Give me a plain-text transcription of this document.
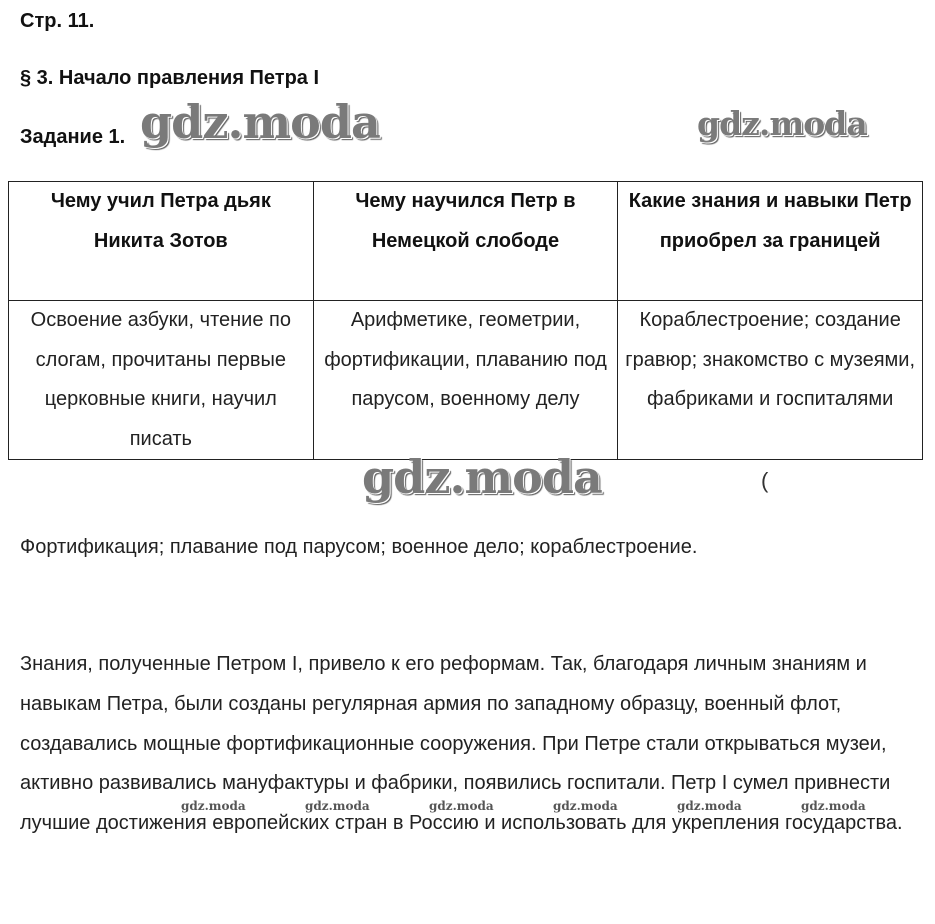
Стр. 11.

§ 3. Начало правления Петра I

Задание 1.

Чему учил Петра дьяк Никита Зотов	Чему научился Петр в Немецкой слободе	Какие знания и навыки Петр приобрел за границей
Освоение азбуки, чтение по слогам, прочитаны первые церковные книги, научил писать	Арифметике, геометрии, фортификации, плаванию под парусом, военному делу	Кораблестроение; создание гравюр; знакомство с музеями, фабриками и госпиталями

Фортификация; плавание под парусом; военное дело; кораблестроение.

Знания, полученные Петром I, привело к его реформам. Так, благодаря личным знаниям и навыкам Петра, были созданы регулярная армия по западному образцу, военный флот, создавались мощные фортификационные сооружения. При Петре стали открываться музеи, активно развивались мануфактуры и фабрики, появились госпитали. Петр I сумел привнести лучшие достижения европейских стран в Россию и использовать для укрепления государства.

gdz.moda	gdz.moda
gdz.moda
gdz.moda	gdz.moda	gdz.moda	gdz.moda	gdz.moda	gdz.moda
(
